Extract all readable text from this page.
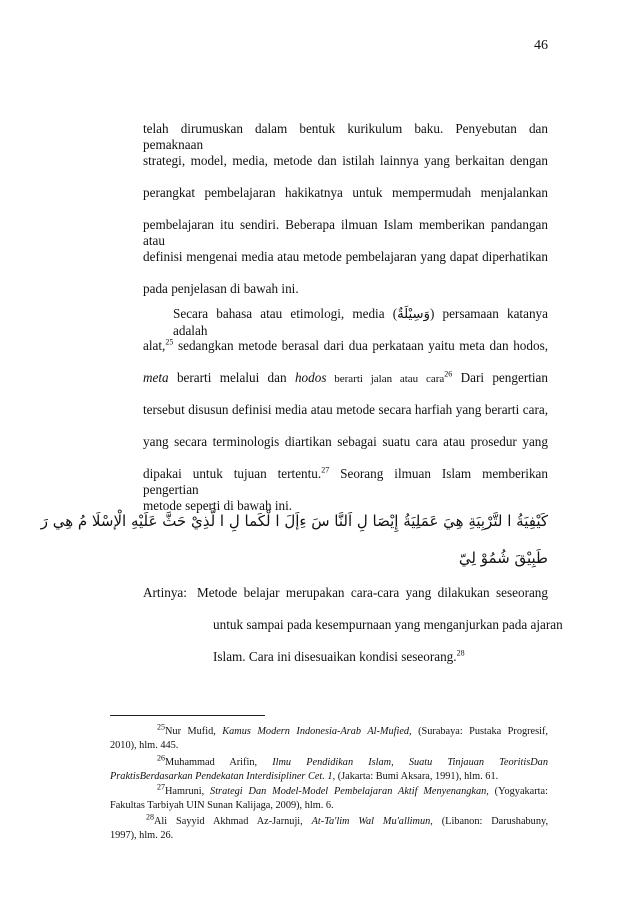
46
telah dirumuskan dalam bentuk kurikulum baku. Penyebutan dan pemaknaan
strategi, model, media, metode dan istilah lainnya yang berkaitan dengan
perangkat pembelajaran hakikatnya untuk mempermudah menjalankan
pembelajaran itu sendiri. Beberapa ilmuan Islam memberikan pandangan atau
definisi mengenai media atau metode pembelajaran yang dapat diperhatikan
pada penjelasan di bawah ini.
Secara bahasa atau etimologi, media (وَسِيْلَةٌ) persamaan katanya adalah
alat,$^{25}$ sedangkan metode berasal dari dua perkataan yaitu meta dan hodos,
meta berarti melalui dan hodos berarti jalan atau cara$^{26}$ Dari pengertian
tersebut disusun definisi media atau metode secara harfiah yang berarti cara,
yang secara terminologis diartikan sebagai suatu cara atau prosedur yang
dipakai untuk tujuan tertentu.$^{27}$ Seorang ilmuan Islam memberikan pengertian
metode seperti di bawah ini.
كَيْفِيَةُ ا لتَّرْبِيَةِ هِيَ عَمَلِيَةُ إِيْصَا لِ اَلنَّا سَ ءِإَلَ ا لْكَما لِ ا لَّذِيْ حَثَّ عَلَيْهِ الْإسْلَا مُ هِي رَ
طَبِيْقَ شُمُوْ لِيّ
Artinya: Metode belajar merupakan cara-cara yang dilakukan seseorang
untuk sampai pada kesempurnaan yang menganjurkan pada ajaran
Islam. Cara ini disesuaikan kondisi seseorang.$^{28}$
$^{25}$Nur Mufid, Kamus Modern Indonesia-Arab Al-Mufied, (Surabaya: Pustaka Progresif,
2010), hlm. 445.
$^{26}$Muhammad Arifin, Ilmu Pendidikan Islam, Suatu Tinjauan TeoritisDan
PraktisBerdasarkan Pendekatan Interdisipliner Cet. 1, (Jakarta: Bumi Aksara, 1991), hlm. 61.
$^{27}$Hamruni, Strategi Dan Model-Model Pembelajaran Aktif Menyenangkan, (Yogyakarta:
Fakultas Tarbiyah UIN Sunan Kalijaga, 2009), hlm. 6.
$^{28}$Ali Sayyid Akhmad Az-Jarnuji, At-Ta'lim Wal Mu'allimun, (Libanon: Darushabuny,
1997), hlm. 26.
